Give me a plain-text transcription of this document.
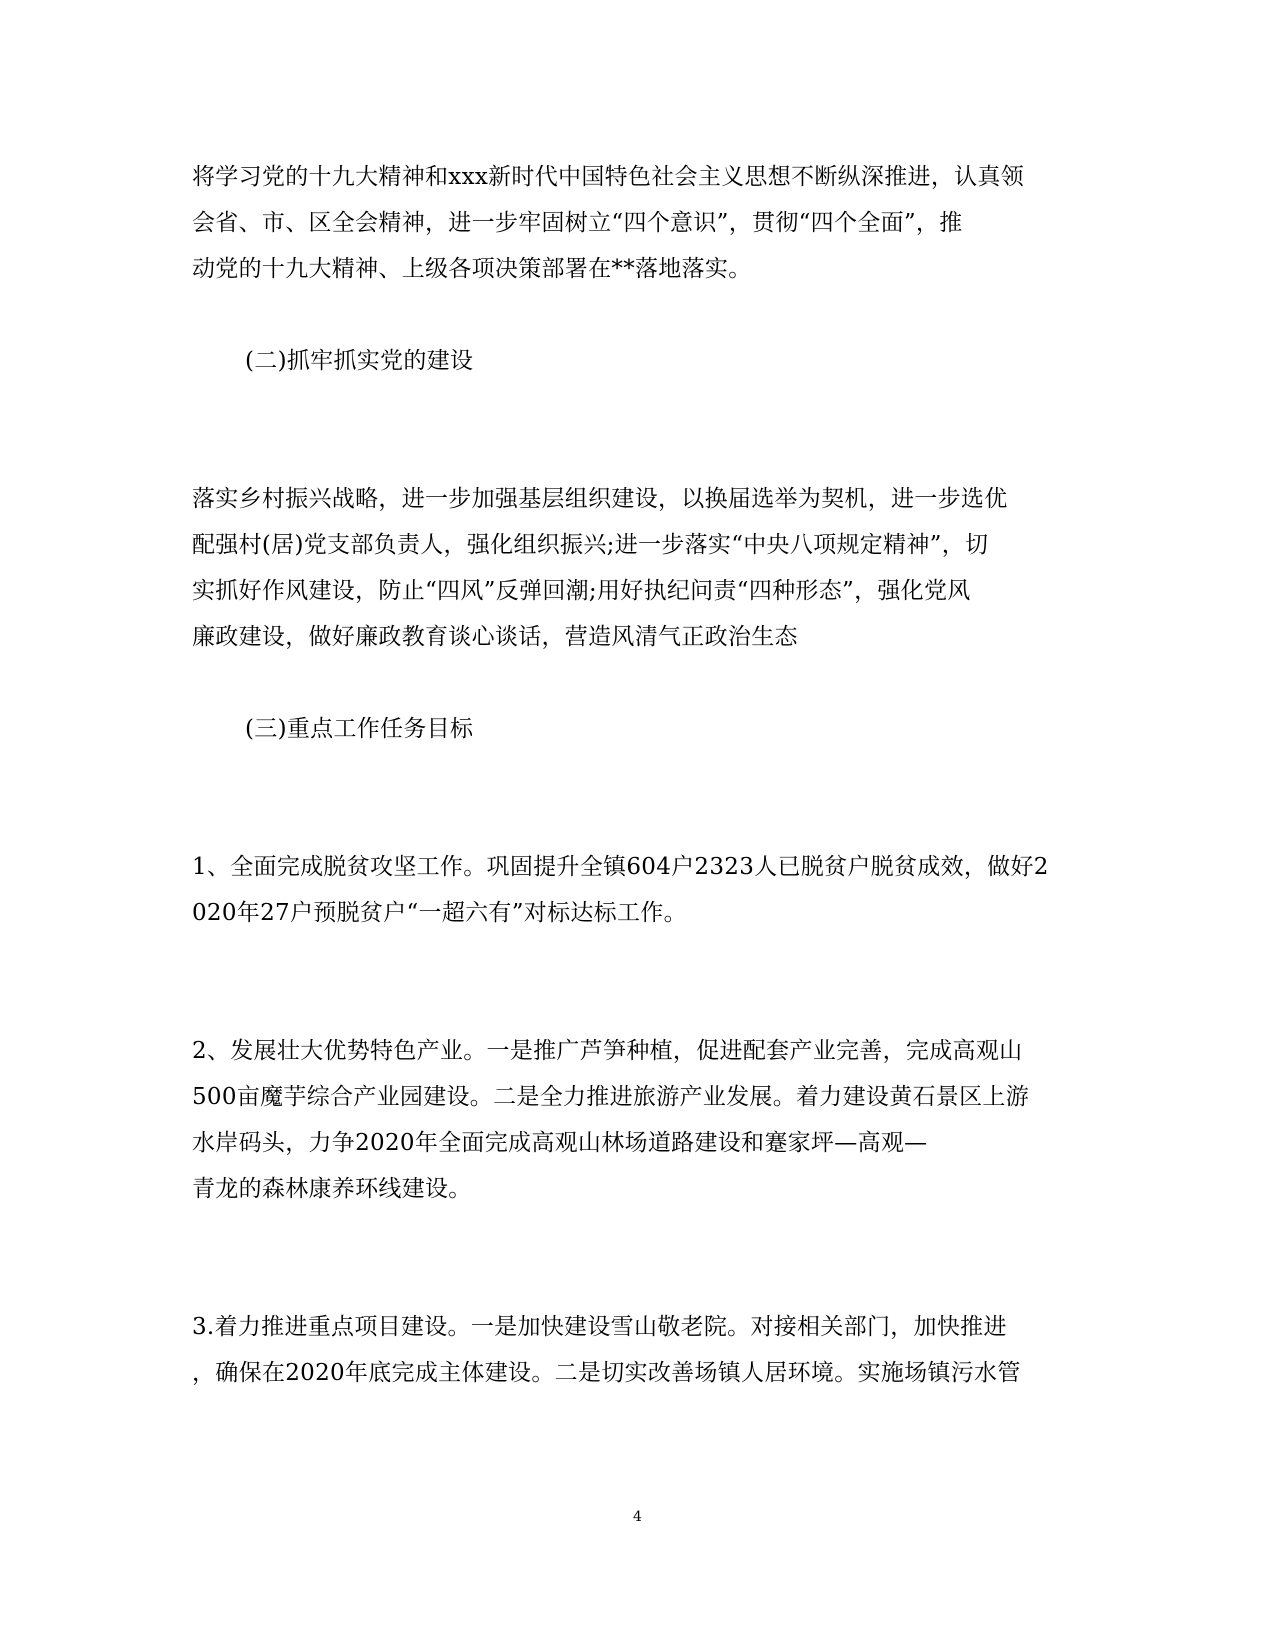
将学习党的十九大精神和xxx新时代中国特色社会主义思想不断纵深推进，认真领
会省、市、区全会精神，进一步牢固树立“四个意识”，贯彻“四个全面”，推
动党的十九大精神、上级各项决策部署在**落地落实。
(二)抓牢抓实党的建设
落实乡村振兴战略，进一步加强基层组织建设，以换届选举为契机，进一步选优
配强村(居)党支部负责人，强化组织振兴;进一步落实“中央八项规定精神”，切
实抓好作风建设，防止“四风”反弹回潮;用好执纪问责“四种形态”，强化党风
廉政建设，做好廉政教育谈心谈话，营造风清气正政治生态
(三)重点工作任务目标
1、全面完成脱贫攻坚工作。巩固提升全镇604户2323人已脱贫户脱贫成效，做好2
020年27户预脱贫户“一超六有”对标达标工作。
2、发展壮大优势特色产业。一是推广芦笋种植，促进配套产业完善，完成高观山
500亩魔芋综合产业园建设。二是全力推进旅游产业发展。着力建设黄石景区上游
水岸码头，力争2020年全面完成高观山林场道路建设和蹇家坪—高观—
青龙的森林康养环线建设。
3.着力推进重点项目建设。一是加快建设雪山敬老院。对接相关部门，加快推进
，确保在2020年底完成主体建设。二是切实改善场镇人居环境。实施场镇污水管
4
